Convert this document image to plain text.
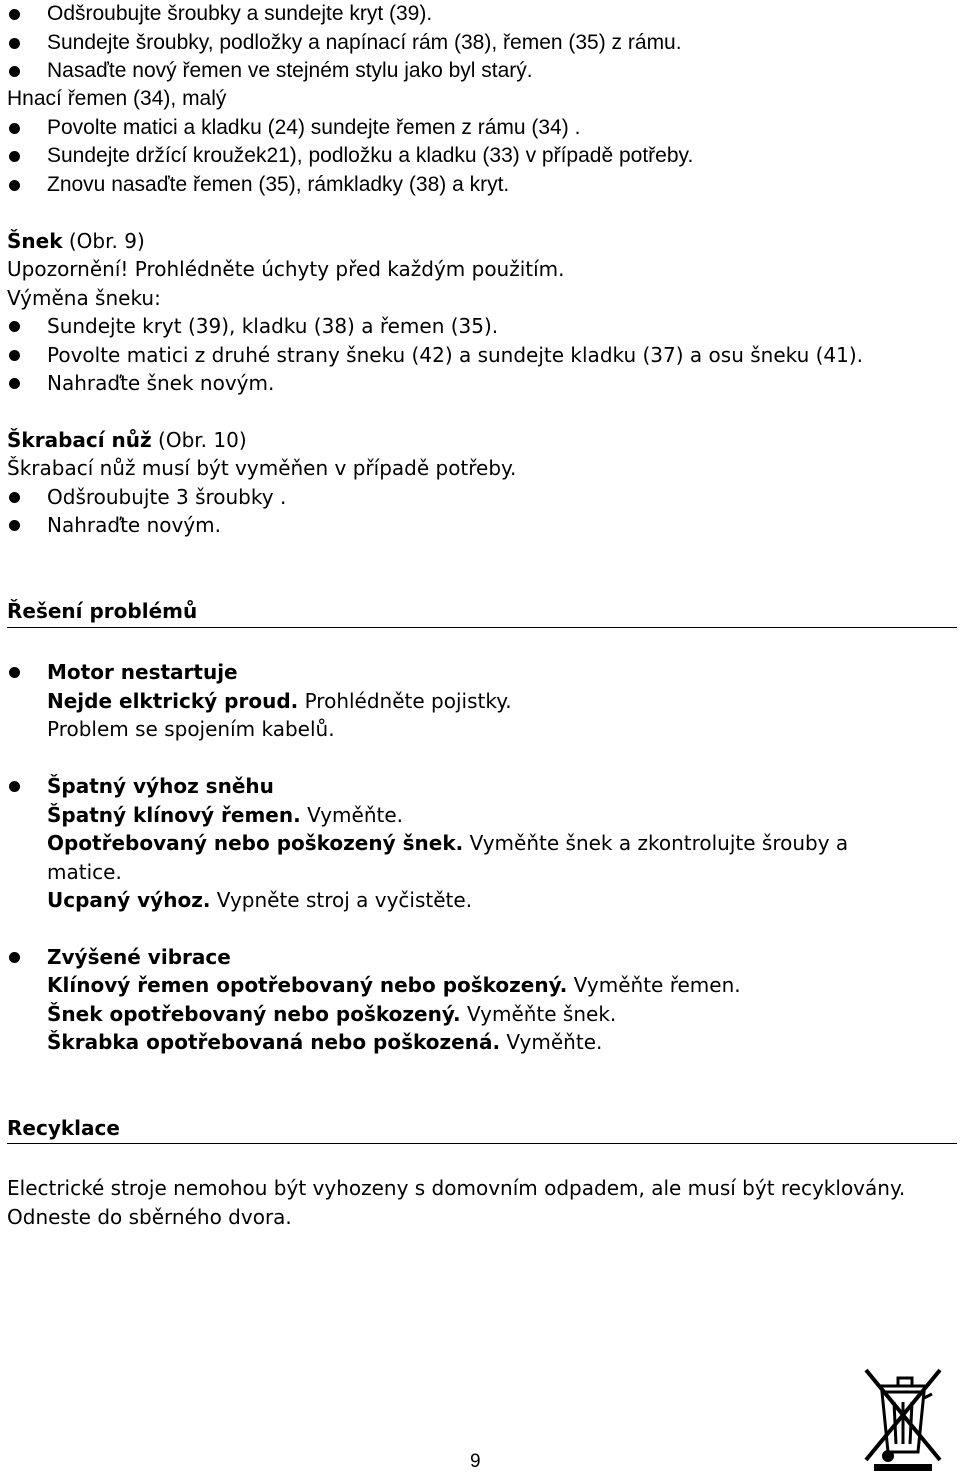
Odšroubujte šroubky a sundejte kryt (39).
Sundejte šroubky, podložky a napínací rám (38), řemen (35) z rámu.
Nasaďte nový řemen ve stejném stylu jako byl starý.
Hnací řemen (34), malý
Povolte matici a kladku (24) sundejte řemen z rámu (34) .
Sundejte držící kroužek21), podložku a kladku (33) v případě potřeby.
Znovu nasaďte řemen (35), rámkladky (38) a kryt.
Šnek (Obr. 9)
Upozornění! Prohlédněte úchyty před každým použitím.
Výměna šneku:
Sundejte kryt (39), kladku (38) a řemen (35).
Povolte matici z druhé strany šneku (42) a sundejte kladku (37) a osu šneku (41).
Nahraďte šnek novým.
Škrabací nůž (Obr. 10)
Škrabací nůž musí být vyměňen v případě potřeby.
Odšroubujte 3 šroubky .
Nahraďte novým.
Řešení problémů
Motor nestartuje
Nejde elktrický proud. Prohlédněte pojistky.
Problem se spojením kabelů.
Špatný výhoz sněhu
Špatný klínový řemen. Vyměňte.
Opotřebovaný nebo poškozený šnek. Vyměňte šnek a zkontrolujte šrouby a
matice.
Ucpaný výhoz. Vypněte stroj a vyčistěte.
Zvýšené vibrace
Klínový řemen opotřebovaný nebo poškozený. Vyměňte řemen.
Šnek opotřebovaný nebo poškozený. Vyměňte šnek.
Škrabka opotřebovaná nebo poškozená. Vyměňte.
Recyklace
Electrické stroje nemohou být vyhozeny s domovním odpadem, ale musí být recyklovány.
Odneste do sběrného dvora.
9
